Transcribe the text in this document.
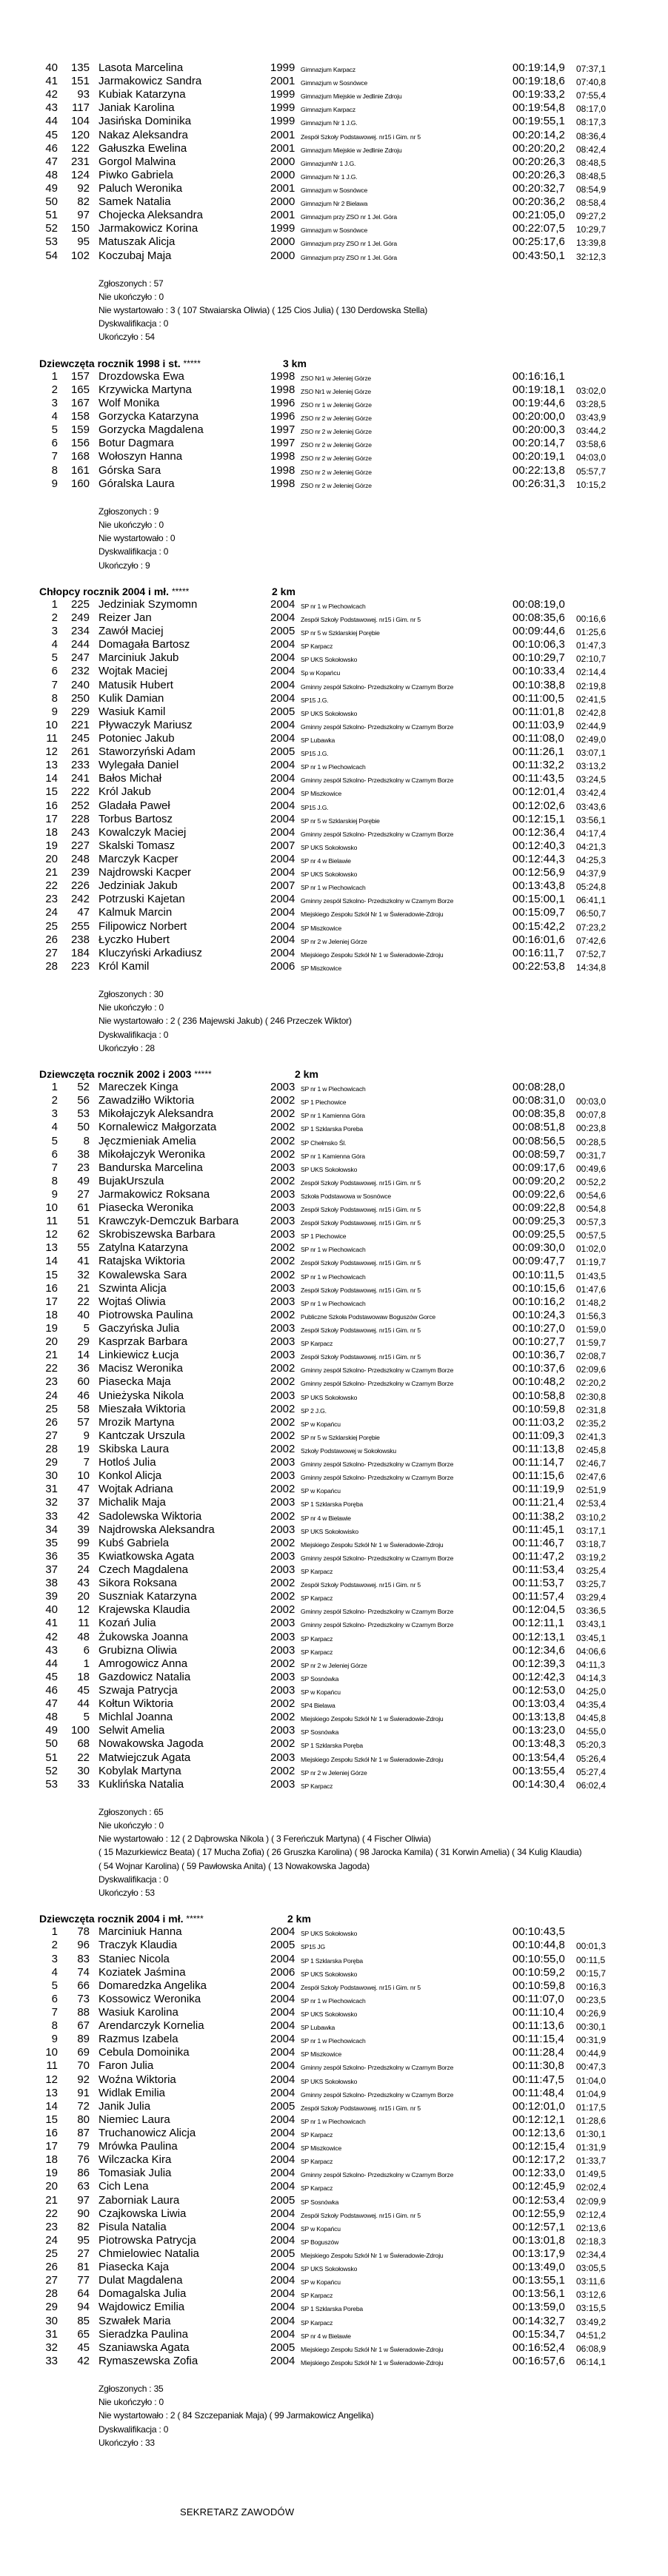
40	135 Lasota Marcelina	1999 Gimnazjum Karpacz	00:19:14,9 07:37,1
41	151 Jarmakowicz Sandra	2001 Gimnazjum w Sosnówce	00:19:18,6 07:40,8
42	93 Kubiak Katarzyna	1999 Gimnazjum Miejskie w Jedlinie Zdroju	00:19:33,2 07:55,4
43	117 Janiak Karolina	1999 Gimnazjum Karpacz	00:19:54,8 08:17,0
44	104 Jasińska Dominika	1999 Gimnazjum Nr 1 J.G.	00:19:55,1 08:17,3
45	120 Nakaz Aleksandra	2001 Zespół Szkoły Podstawowej. nr15 i Gim. nr 5	00:20:14,2 08:36,4
46	122 Gałuszka Ewelina	2001 Gimnazjum Miejskie w Jedlinie Zdroju	00:20:20,2 08:42,4
47	231 Gorgol Malwina	2000 GimnazjumNr 1 J.G.	00:20:26,3 08:48,5
48	124 Piwko Gabriela	2000 Gimnazjum Nr 1 J.G.	00:20:26,3 08:48,5
49	92 Paluch Weronika	2001 Gimnazjum w Sosnówce	00:20:32,7 08:54,9
50	82 Samek Natalia	2000 Gimnazjum Nr 2 Bielawa	00:20:36,2 08:58,4
51	97 Chojecka Aleksandra	2001 Gimnazjum przy ZSO nr 1 Jel. Góra	00:21:05,0 09:27,2
52	150 Jarmakowicz Korina	1999 Gimnazjum w Sosnówce	00:22:07,5 10:29,7
53	95 Matuszak Alicja	2000 Gimnazjum przy ZSO nr 1 Jel. Góra	00:25:17,6 13:39,8
54	102 Koczubaj Maja	2000 Gimnazjum przy ZSO nr 1 Jel. Góra	00:43:50,1 32:12,3
Zgłoszonych : 57
Nie ukończyło : 0
Nie wystartowało : 3 ( 107 Stwaiarska Oliwia) ( 125 Cios Julia) ( 130 Derdowska Stella)
Dyskwalifikacja : 0
Ukończyło : 54
Dziewczęta rocznik 1998 i st. *****	3 km
1	157 Drozdowska Ewa	1998 ZSO Nr1 w Jeleniej Górze	00:16:16,1
2	165 Krzywicka Martyna	1998 ZSO Nr1 w Jeleniej Górze	00:19:18,1 03:02,0
3	167 Wolf Monika	1996 ZSO nr 1 w Jeleniej Górze	00:19:44,6 03:28,5
4	158 Gorzycka Katarzyna	1996 ZSO nr 2 w Jeleniej Górze	00:20:00,0 03:43,9
5	159 Gorzycka Magdalena	1997 ZSO nr 2 w Jeleniej Górze	00:20:00,3 03:44,2
6	156 Botur Dagmara	1997 ZSO nr 2 w Jeleniej Górze	00:20:14,7 03:58,6
7	168 Wołoszyn Hanna	1998 ZSO nr 2 w Jeleniej Górze	00:20:19,1 04:03,0
8	161 Górska Sara	1998 ZSO nr 2 w Jeleniej Górze	00:22:13,8 05:57,7
9	160 Góralska Laura	1998 ZSO nr 2 w Jeleniej Górze	00:26:31,3 10:15,2
Zgłoszonych : 9
Nie ukończyło : 0
Nie wystartowało : 0
Dyskwalifikacja : 0
Ukończyło : 9
Chłopcy rocznik 2004 i mł. *****	2 km
1	225 Jedziniak Szymomn	2004 SP nr 1 w Piechowicach	00:08:19,0
2	249 Reizer Jan	2004 Zespół Szkoły Podstawowej. nr15 i Gim. nr 5	00:08:35,6 00:16,6
3	234 Zawół Maciej	2005 SP nr 5 w Szklarskiej Porębie	00:09:44,6 01:25,6
4	244 Domagała Bartosz	2004 SP Karpacz	00:10:06,3 01:47,3
5	247 Marciniuk Jakub	2004 SP UKS Sokołowsko	00:10:29,7 02:10,7
6	232 Wojtak Maciej	2004 Sp w Kopańcu	00:10:33,4 02:14,4
7	240 Matusik Hubert	2004 Gminny zespół Szkolno- Przedszkolny w Czarnym Borze	00:10:38,8 02:19,8
8	250 Kulik Damian	2004 SP15 J.G.	00:11:00,5 02:41,5
9	229 Wasiuk Kamil	2005 SP UKS Sokołowsko	00:11:01,8 02:42,8
10	221 Pływaczyk Mariusz	2004 Gminny zespół Szkolno- Przedszkolny w Czarnym Borze	00:11:03,9 02:44,9
11	245 Potoniec Jakub	2004 SP Lubawka	00:11:08,0 02:49,0
12	261 Staworzyński Adam	2005 SP15 J.G.	00:11:26,1 03:07,1
13	233 Wylegała Daniel	2004 SP nr 1 w Piechowicach	00:11:32,2 03:13,2
14	241 Bałos Michał	2004 Gminny zespół Szkolno- Przedszkolny w Czarnym Borze	00:11:43,5 03:24,5
15	222 Król Jakub	2004 SP Miszkowice	00:12:01,4 03:42,4
16	252 Gladała Paweł	2004 SP15 J.G.	00:12:02,6 03:43,6
17	228 Torbus Bartosz	2004 SP nr 5 w Szklarskiej Porębie	00:12:15,1 03:56,1
18	243 Kowalczyk Maciej	2004 Gminny zespół Szkolno- Przedszkolny w Czarnym Borze	00:12:36,4 04:17,4
19	227 Skalski Tomasz	2007 SP UKS Sokołowsko	00:12:40,3 04:21,3
20	248 Marczyk Kacper	2004 SP nr 4 w Bielawie	00:12:44,3 04:25,3
21	239 Najdrowski Kacper	2004 SP UKS Sokołowsko	00:12:56,9 04:37,9
22	226 Jedziniak Jakub	2007 SP nr 1 w Piechowicach	00:13:43,8 05:24,8
23	242 Potrzuski Kajetan	2004 Gminny zespół Szkolno- Przedszkolny w Czarnym Borze	00:15:00,1 06:41,1
24	47 Kalmuk Marcin	2004 Miejskiego Zespołu Szkół Nr 1 w Świeradowie-Zdroju	00:15:09,7 06:50,7
25	255 Filipowicz Norbert	2004 SP Miszkowice	00:15:42,2 07:23,2
26	238 Łyczko Hubert	2004 SP nr 2 w Jeleniej Górze	00:16:01,6 07:42,6
27	184 Kluczyński Arkadiusz	2004 Miejskiego Zespołu Szkół Nr 1 w Świeradowie-Zdroju	00:16:11,7 07:52,7
28	223 Król Kamil	2006 SP Miszkowice	00:22:53,8 14:34,8
Zgłoszonych : 30
Nie ukończyło : 0
Nie wystartowało : 2 ( 236 Majewski Jakub) ( 246 Przeczek Wiktor)
Dyskwalifikacja : 0
Ukończyło : 28
Dziewczęta rocznik 2002 i 2003 *****	2 km
1	52 Mareczek Kinga	2003 SP nr 1 w Piechowicach	00:08:28,0
2	56 Zawadziłło Wiktoria	2002 SP 1 Piechowice	00:08:31,0 00:03,0
3	53 Mikołajczyk Aleksandra	2002 SP nr 1 Kamienna Góra	00:08:35,8 00:07,8
4	50 Kornalewicz Małgorzata	2002 SP 1 Szklarska Poreba	00:08:51,8 00:23,8
5	8 Jęczmieniak Amelia	2002 SP Chełmsko Śl.	00:08:56,5 00:28,5
6	38 Mikołajczyk Weronika	2002 SP nr 1 Kamienna Góra	00:08:59,7 00:31,7
7	23 Bandurska Marcelina	2003 SP UKS Sokołowsko	00:09:17,6 00:49,6
8	49 BujakUrszula	2002 Zespół Szkoły Podstawowej. nr15 i Gim. nr 5	00:09:20,2 00:52,2
9	27 Jarmakowicz Roksana	2003 Szkoła Podstawowa w Sosnówce	00:09:22,6 00:54,6
10	61 Piasecka Weronika	2003 Zespół Szkoły Podstawowej. nr15 i Gim. nr 5	00:09:22,8 00:54,8
11	51 Krawczyk-Demczuk Barbara	2003 Zespół Szkoły Podstawowej. nr15 i Gim. nr 5	00:09:25,3 00:57,3
12	62 Skrobiszewska Barbara	2003 SP 1 Piechowice	00:09:25,5 00:57,5
13	55 Zatylna Katarzyna	2002 SP nr 1 w Piechowicach	00:09:30,0 01:02,0
14	41 Ratajska Wiktoria	2002 Zespół Szkoły Podstawowej. nr15 i Gim. nr 5	00:09:47,7 01:19,7
15	32 Kowalewska Sara	2002 SP nr 1 w Piechowicach	00:10:11,5 01:43,5
16	21 Szwinta Alicja	2003 Zespół Szkoły Podstawowej. nr15 i Gim. nr 5	00:10:15,6 01:47,6
17	22 Wojtaś Oliwia	2003 SP nr 1 w Piechowicach	00:10:16,2 01:48,2
18	40 Piotrowska Paulina	2002 Publiczne Szkoła Podstawowaw Boguszów Gorce	00:10:24,3 01:56,3
19	5 Gaczyńska Julia	2003 Zespół Szkoły Podstawowej. nr15 i Gim. nr 5	00:10:27,0 01:59,0
20	29 Kasprzak Barbara	2003 SP Karpacz	00:10:27,7 01:59,7
21	14 Linkiewicz Łucja	2003 Zespół Szkoły Podstawowej. nr15 i Gim. nr 5	00:10:36,7 02:08,7
22	36 Macisz Weronika	2002 Gminny zespół Szkolno- Przedszkolny w Czarnym Borze	00:10:37,6 02:09,6
23	60 Piasecka Maja	2002 Gminny zespół Szkolno- Przedszkolny w Czarnym Borze	00:10:48,2 02:20,2
24	46 Unieżyska Nikola	2003 SP UKS Sokołowsko	00:10:58,8 02:30,8
25	58 Mieszała Wiktoria	2002 SP 2 J.G.	00:10:59,8 02:31,8
26	57 Mrozik Martyna	2002 SP w Kopańcu	00:11:03,2 02:35,2
27	9 Kantczak Urszula	2002 SP nr 5 w Szklarskiej Porębie	00:11:09,3 02:41,3
28	19 Skibska Laura	2002 Szkoły Podstawowej w Sokołowsku	00:11:13,8 02:45,8
29	7 Hotloś Julia	2003 Gminny zespół Szkolno- Przedszkolny w Czarnym Borze	00:11:14,7 02:46,7
30	10 Konkol Alicja	2003 Gminny zespół Szkolno- Przedszkolny w Czarnym Borze	00:11:15,6 02:47,6
31	47 Wojtak Adriana	2002 SP w Kopańcu	00:11:19,9 02:51,9
32	37 Michalik Maja	2003 SP 1 Szklarska Poręba	00:11:21,4 02:53,4
33	42 Sadolewska Wiktoria	2002 SP nr 4 w Bielawie	00:11:38,2 03:10,2
34	39 Najdrowska Aleksandra	2003 SP UKS Sokołowisko	00:11:45,1 03:17,1
35	99 Kubś Gabriela	2002 Miejskiego Zespołu Szkół Nr 1 w Świeradowie-Zdroju	00:11:46,7 03:18,7
36	35 Kwiatkowska Agata	2003 Gminny zespół Szkolno- Przedszkolny w Czarnym Borze	00:11:47,2 03:19,2
37	24 Czech Magdalena	2003 SP Karpacz	00:11:53,4 03:25,4
38	43 Sikora Roksana	2002 Zespół Szkoły Podstawowej. nr15 i Gim. nr 5	00:11:53,7 03:25,7
39	20 Suszniak Katarzyna	2002 SP Karpacz	00:11:57,4 03:29,4
40	12 Krajewska Klaudia	2002 Gminny zespół Szkolno- Przedszkolny w Czarnym Borze	00:12:04,5 03:36,5
41	11 Kozań Julia	2003 Gminny zespół Szkolno- Przedszkolny w Czarnym Borze	00:12:11,1 03:43,1
42	48 Żukowska Joanna	2003 SP Karpacz	00:12:13,1 03:45,1
43	6 Grubizna Oliwia	2003 SP Karpacz	00:12:34,6 04:06,6
44	1 Amrogowicz Anna	2002 SP nr 2 w Jeleniej Górze	00:12:39,3 04:11,3
45	18 Gazdowicz Natalia	2003 SP Sosnówka	00:12:42,3 04:14,3
46	45 Szwaja Patrycja	2003 SP w Kopańcu	00:12:53,0 04:25,0
47	44 Kołtun Wiktoria	2002 SP4 Bielawa	00:13:03,4 04:35,4
48	5 Michlal Joanna	2002 Miejskiego Zespołu Szkół Nr 1 w Świeradowie-Zdroju	00:13:13,8 04:45,8
49	100 Selwit Amelia	2003 SP Sosnówka	00:13:23,0 04:55,0
50	68 Nowakowska Jagoda	2002 SP 1 Szklarska Poręba	00:13:48,3 05:20,3
51	22 Matwiejczuk Agata	2003 Miejskiego Zespołu Szkół Nr 1 w Świeradowie-Zdroju	00:13:54,4 05:26,4
52	30 Kobylak Martyna	2002 SP nr 2 w Jeleniej Górze	00:13:55,4 05:27,4
53	33 Kuklińska Natalia	2003 SP Karpacz	00:14:30,4 06:02,4
Zgłoszonych : 65
Nie ukończyło : 0
Nie wystartowało : 12 ( 2 Dąbrowska Nikola ) ( 3 Fereńczuk Martyna) ( 4 Fischer Oliwia)
( 15 Mazurkiewicz Beata) ( 17 Mucha Zofia) ( 26 Gruszka Karolina) ( 98 Jarocka Kamila) ( 31 Korwin Amelia) ( 34 Kulig Klaudia)
( 54 Wojnar Karolina) ( 59 Pawłowska Anita) ( 13 Nowakowska Jagoda)
Dyskwalifikacja : 0
Ukończyło : 53
Dziewczęta rocznik 2004 i mł. *****	2 km
1	78 Marciniuk Hanna	2004 SP UKS Sokołowsko	00:10:43,5
2	96 Traczyk Klaudia	2005 SP15 JG	00:10:44,8 00:01,3
3	83 Staniec Nicola	2004 SP 1 Szklarska Poręba	00:10:55,0 00:11,5
4	74 Koziatek Jaśmina	2006 SP UKS Sokołowsko	00:10:59,2 00:15,7
5	66 Domaredzka Angelika	2004 Zespół Szkoły Podstawowej. nr15 i Gim. nr 5	00:10:59,8 00:16,3
6	73 Kossowicz Weronika	2004 SP nr 1 w Piechowicach	00:11:07,0 00:23,5
7	88 Wasiuk Karolina	2004 SP UKS Sokołowsko	00:11:10,4 00:26,9
8	67 Arendarczyk Kornelia	2004 SP Lubawka	00:11:13,6 00:30,1
9	89 Razmus Izabela	2004 SP nr 1 w Piechowicach	00:11:15,4 00:31,9
10	69 Cebula Domoinika	2004 SP Miszkowice	00:11:28,4 00:44,9
11	70 Faron Julia	2004 Gminny zespół Szkolno- Przedszkolny w Czarnym Borze	00:11:30,8 00:47,3
12	92 Woźna Wiktoria	2004 SP UKS Sokołowsko	00:11:47,5 01:04,0
13	91 Widlak Emilia	2004 Gminny zespół Szkolno- Przedszkolny w Czarnym Borze	00:11:48,4 01:04,9
14	72 Janik Julia	2005 Zespół Szkoły Podstawowej. nr15 i Gim. nr 5	00:12:01,0 01:17,5
15	80 Niemiec Laura	2004 SP nr 1 w Piechowicach	00:12:12,1 01:28,6
16	87 Truchanowicz Alicja	2004 SP Karpacz	00:12:13,6 01:30,1
17	79 Mrówka Paulina	2004 SP Miszkowice	00:12:15,4 01:31,9
18	76 Wilczacka Kira	2004 SP Karpacz	00:12:17,2 01:33,7
19	86 Tomasiak Julia	2004 Gminny zespół Szkolno- Przedszkolny w Czarnym Borze	00:12:33,0 01:49,5
20	63 Cich Lena	2004 SP Karpacz	00:12:45,9 02:02,4
21	97 Zaborniak Laura	2005 SP Sosnówka	00:12:53,4 02:09,9
22	90 Czajkowska Liwia	2004 Zespół Szkoły Podstawowej. nr15 i Gim. nr 5	00:12:55,9 02:12,4
23	82 Pisula Natalia	2004 SP w Kopańcu	00:12:57,1 02:13,6
24	95 Piotrowska Patrycja	2004 SP Boguszów	00:13:01,8 02:18,3
25	27 Chmielowiec Natalia	2005 Miejskiego Zespołu Szkół Nr 1 w Świeradowie-Zdroju	00:13:17,9 02:34,4
26	81 Piasecka Kaja	2004 SP UKS Sokołowsko	00:13:49,0 03:05,5
27	77 Dulat Magdalena	2004 SP w Kopańcu	00:13:55,1 03:11,6
28	64 Domagalska Julia	2004 SP Karpacz	00:13:56,1 03:12,6
29	94 Wajdowicz Emilia	2004 SP 1 Szklarska Poreba	00:13:59,0 03:15,5
30	85 Szwałek Maria	2004 SP Karpacz	00:14:32,7 03:49,2
31	65 Sieradzka Paulina	2004 SP nr 4 w Bielawie	00:15:34,7 04:51,2
32	45 Szaniawska Agata	2005 Miejskiego Zespołu Szkół Nr 1 w Świeradowie-Zdroju	00:16:52,4 06:08,9
33	42 Rymaszewska Zofia	2004 Miejskiego Zespołu Szkół Nr 1 w Świeradowie-Zdroju	00:16:57,6 06:14,1
Zgłoszonych : 35
Nie ukończyło : 0
Nie wystartowało : 2 ( 84 Szczepaniak Maja) ( 99 Jarmakowicz Angelika)
Dyskwalifikacja : 0
Ukończyło : 33
SEKRETARZ ZAWODÓW
